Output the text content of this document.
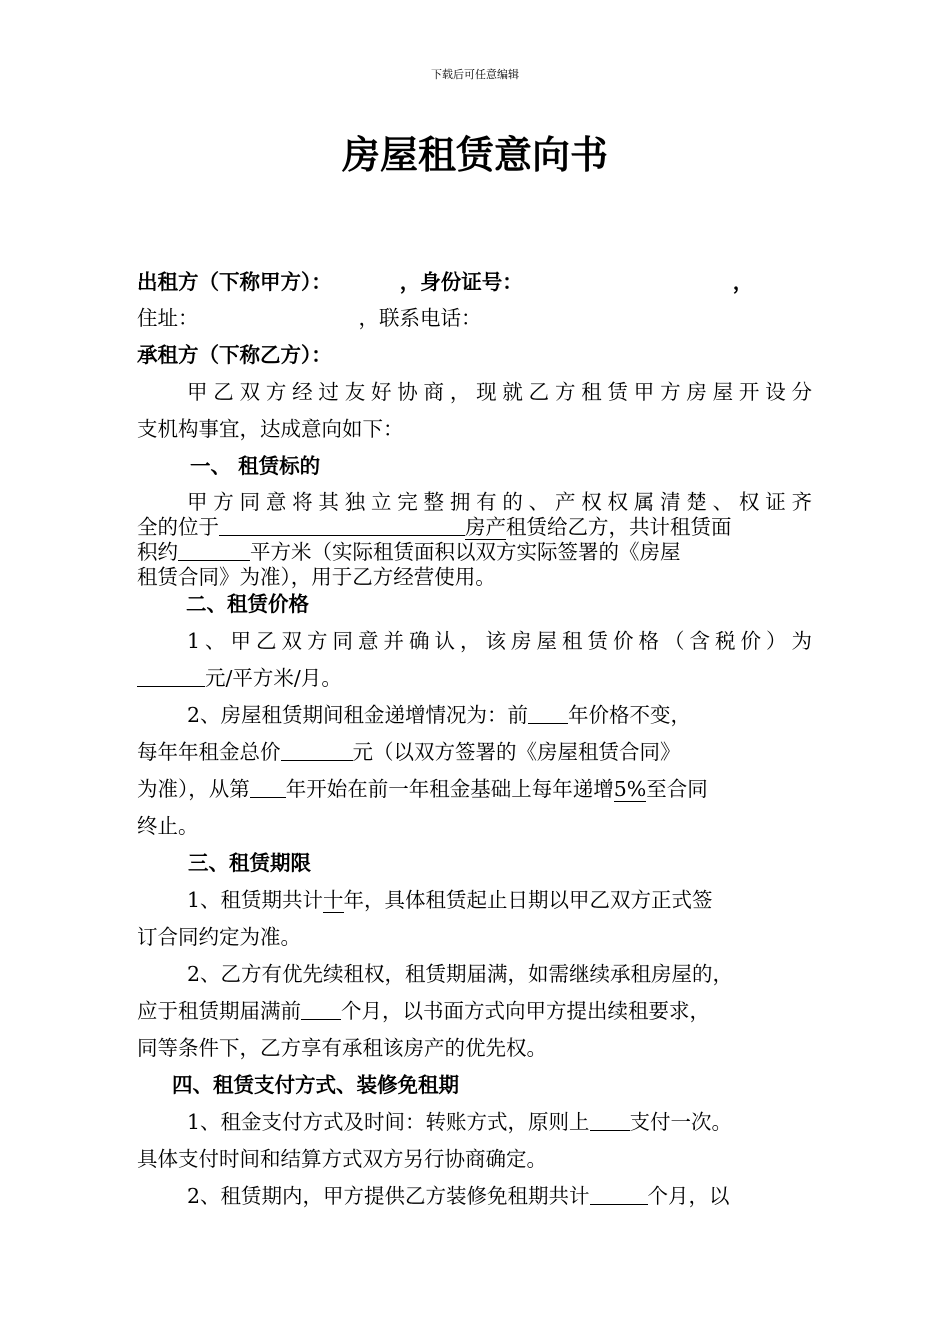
下载后可任意编辑
房屋租赁意向书
出租方（下称甲方）：	，身份证号：	，
住址：	，联系电话：
承租方（下称乙方）：
甲乙双方经过友好协商，现就乙方租赁甲方房屋开设分
支机构事宜，达成意向如下：
一、 租赁标的
甲方同意将其独立完整拥有的、产权权属清楚、权证齐
全的位于	房产租赁给乙方，共计租赁面
积约	平方米（实际租赁面积以双方实际签署的《房屋
租赁合同》为准），用于乙方经营使用。
二、租赁价格
1、甲乙双方同意并确认，该房屋租赁价格（含税价）为
元/平方米/月。
2、房屋租赁期间租金递增情况为：前 年价格不变，
每年年租金总价	元（以双方签署的《房屋租赁合同》
为准），从第 年开始在前一年租金基础上每年递增5%至合同
终止。
三、租赁期限
1、租赁期共计十年，具体租赁起止日期以甲乙双方正式签
订合同约定为准。
2、乙方有优先续租权，租赁期届满，如需继续承租房屋的，
应于租赁期届满前 个月，以书面方式向甲方提出续租要求，
同等条件下，乙方享有承租该房产的优先权。
四、租赁支付方式、装修免租期
1、租金支付方式及时间：转账方式，原则上 支付一次。
具体支付时间和结算方式双方另行协商确定。
2、租赁期内，甲方提供乙方装修免租期共计	个月，以
